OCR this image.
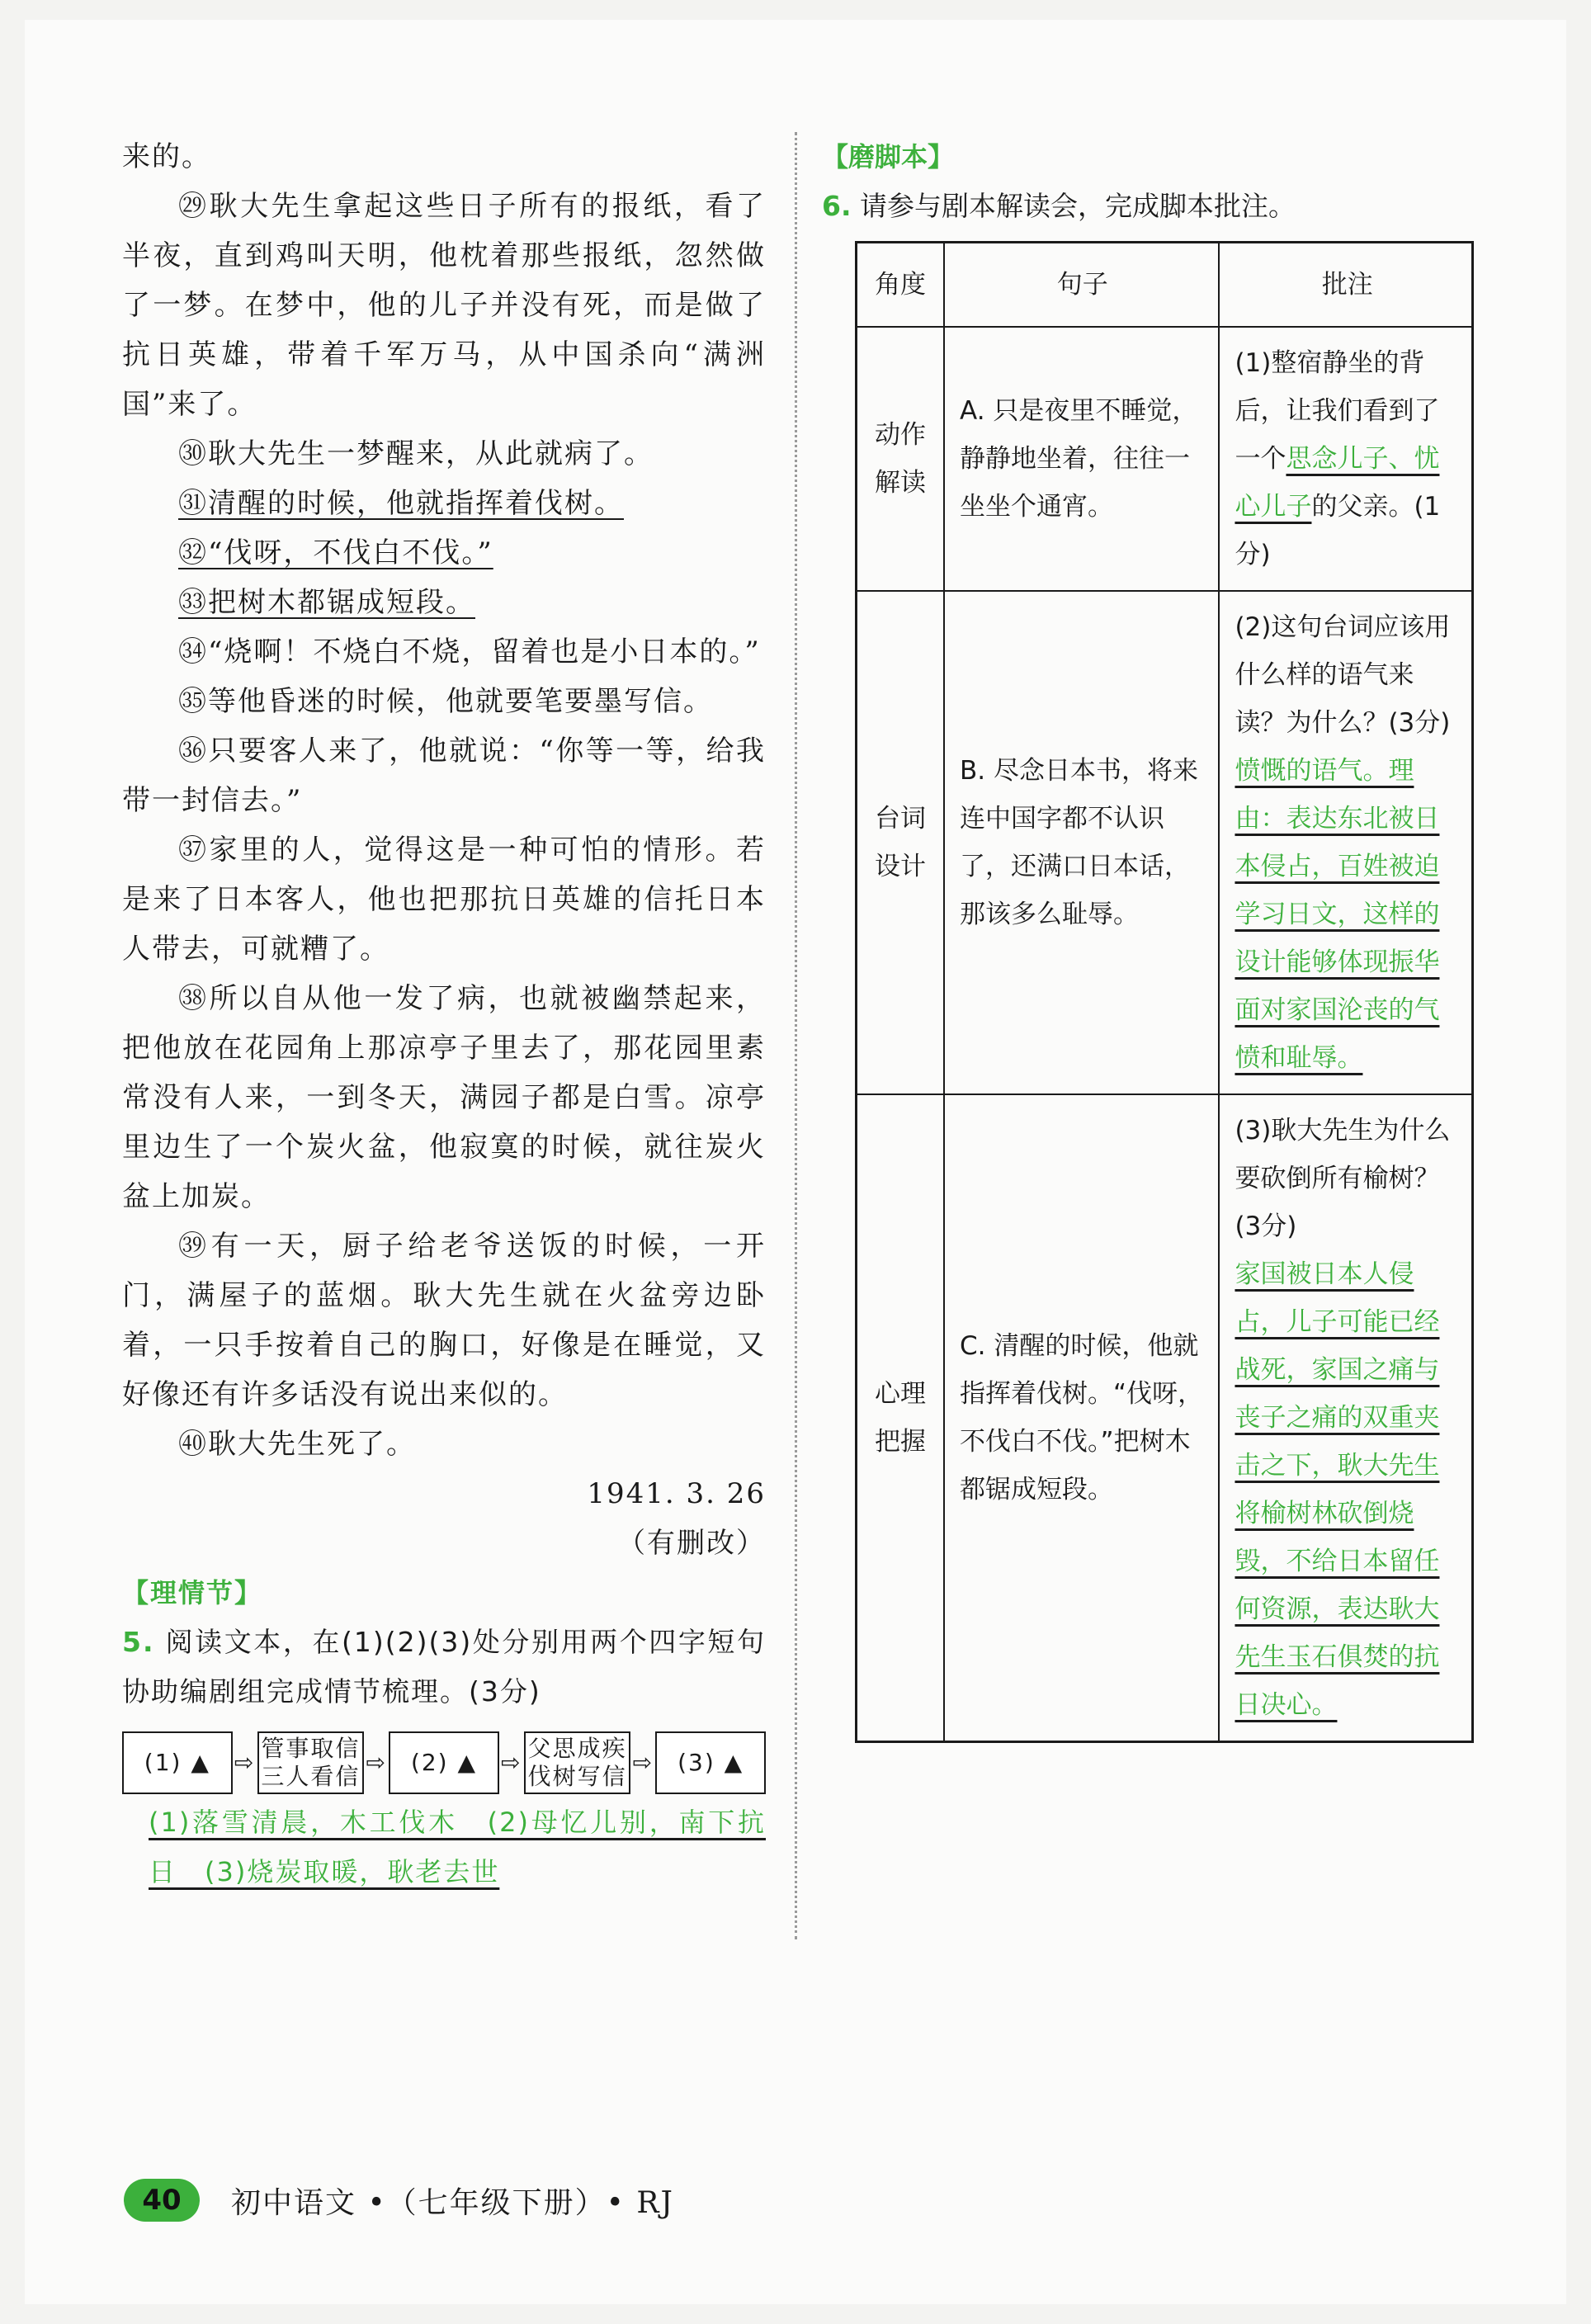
来的。

㉙耿大先生拿起这些日子所有的报纸，看了半夜，直到鸡叫天明，他枕着那些报纸，忽然做了一梦。在梦中，他的儿子并没有死，而是做了抗日英雄，带着千军万马，从中国杀向“满洲国”来了。

㉚耿大先生一梦醒来，从此就病了。

㉛清醒的时候，他就指挥着伐树。

㉜“伐呀，不伐白不伐。”

㉝把树木都锯成短段。

㉞“烧啊！不烧白不烧，留着也是小日本的。”

㉟等他昏迷的时候，他就要笔要墨写信。

㊱只要客人来了，他就说：“你等一等，给我带一封信去。”

㊲家里的人，觉得这是一种可怕的情形。若是来了日本客人，他也把那抗日英雄的信托日本人带去，可就糟了。

㊳所以自从他一发了病，也就被幽禁起来，把他放在花园角上那凉亭子里去了，那花园里素常没有人来，一到冬天，满园子都是白雪。凉亭里边生了一个炭火盆，他寂寞的时候，就往炭火盆上加炭。

㊴有一天，厨子给老爷送饭的时候，一开门，满屋子的蓝烟。耿大先生就在火盆旁边卧着，一只手按着自己的胸口，好像是在睡觉，又好像还有许多话没有说出来似的。

㊵耿大先生死了。

1941. 3. 26

（有删改）

【理情节】

5. 阅读文本，在(1)(2)(3)处分别用两个四字短句协助编剧组完成情节梳理。(3分)

(1) ▲	⇨
管事取信
三人看信
⇨	(2) ▲	⇨
父思成疾
伐树写信
⇨	(3) ▲

(1)落雪清晨，木工伐木　(2)母忆儿别，南下抗日　(3)烧炭取暖，耿老去世

【磨脚本】
6. 请参与剧本解读会，完成脚本批注。
角度	句子	批注
动作解读	A. 只是夜里不睡觉，静静地坐着，往往一坐坐个通宵。	(1)整宿静坐的背后，让我们看到了一个思念儿子、忧心儿子的父亲。(1分)
台词设计	B. 尽念日本书，将来连中国字都不认识了，还满口日本话，那该多么耻辱。	(2)这句台词应该用什么样的语气来读？为什么？(3分)
愤慨的语气。理由：表达东北被日本侵占，百姓被迫学习日文，这样的设计能够体现振华面对家国沦丧的气愤和耻辱。
心理把握	C. 清醒的时候，他就指挥着伐树。“伐呀，不伐白不伐。”把树木都锯成短段。	(3)耿大先生为什么要砍倒所有榆树？(3分)
家国被日本人侵占，儿子可能已经战死，家国之痛与丧子之痛的双重夹击之下，耿大先生将榆树林砍倒烧毁，不给日本留任何资源，表达耿大先生玉石俱焚的抗日决心。
40	初中语文 •（七年级下册）• RJ
